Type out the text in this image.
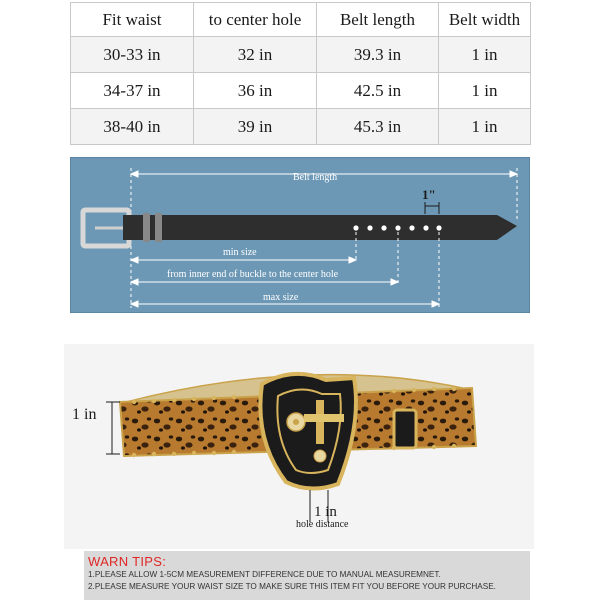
Fit waist	to center hole	Belt length	Belt width
30-33 in	32 in	39.3 in	1 in
34-37 in	36 in	42.5 in	1 in
38-40 in	39 in	45.3 in	1 in
Belt length
1"
min size
from inner end of buckle to the center hole
max size
1 in
1 in
hole distance
WARN TIPS:
1.PLEASE ALLOW 1-5CM MEASUREMENT DIFFERENCE DUE TO MANUAL MEASUREMNET.
2.PLEASE MEASURE YOUR WAIST SIZE TO MAKE SURE THIS ITEM FIT YOU BEFORE YOUR PURCHASE.
